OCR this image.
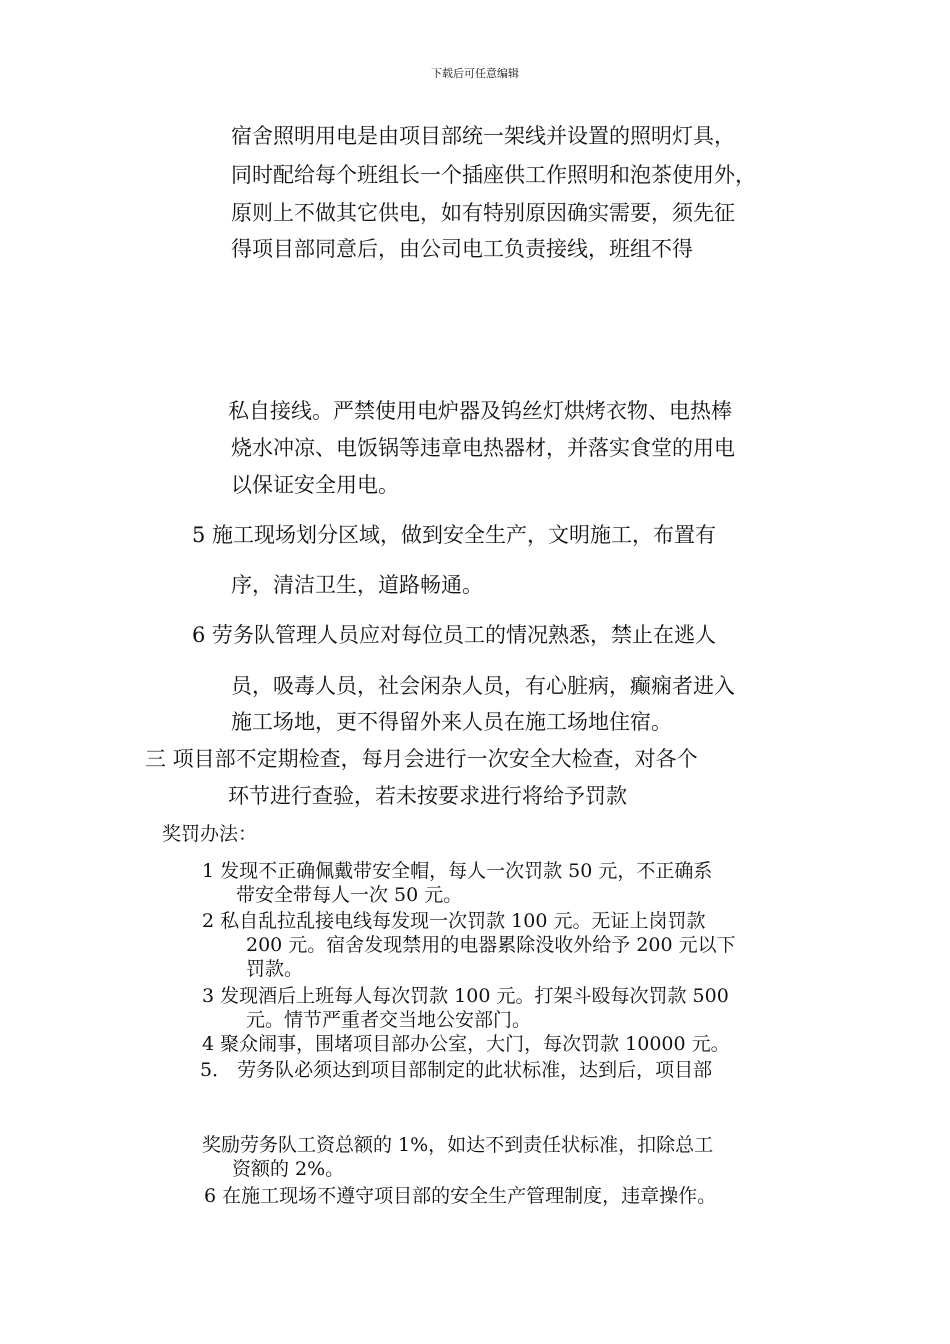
下载后可任意编辑
宿舍照明用电是由项目部统一架线并设置的照明灯具，
同时配给每个班组长一个插座供工作照明和泡茶使用外，
原则上不做其它供电，如有特别原因确实需要，须先征
得项目部同意后，由公司电工负责接线，班组不得
私自接线。严禁使用电炉器及钨丝灯烘烤衣物、电热棒
烧水冲凉、电饭锅等违章电热器材，并落实食堂的用电
以保证安全用电。
5 施工现场划分区域，做到安全生产，文明施工，布置有
序，清洁卫生，道路畅通。
6 劳务队管理人员应对每位员工的情况熟悉，禁止在逃人
员，吸毒人员，社会闲杂人员，有心脏病，癫痫者进入
施工场地，更不得留外来人员在施工场地住宿。
三 项目部不定期检查，每月会进行一次安全大检查，对各个
环节进行查验，若未按要求进行将给予罚款
奖罚办法：
1 发现不正确佩戴带安全帽，每人一次罚款 50 元，不正确系
带安全带每人一次 50 元。
2 私自乱拉乱接电线每发现一次罚款 100 元。无证上岗罚款
200 元。宿舍发现禁用的电器累除没收外给予 200 元以下
罚款。
3 发现酒后上班每人每次罚款 100 元。打架斗殴每次罚款 500
元。情节严重者交当地公安部门。
4 聚众闹事，围堵项目部办公室，大门，每次罚款 10000 元。
5． 劳务队必须达到项目部制定的此状标准，达到后，项目部
奖励劳务队工资总额的 1%，如达不到责任状标准，扣除总工
资额的 2%。
6 在施工现场不遵守项目部的安全生产管理制度，违章操作。
